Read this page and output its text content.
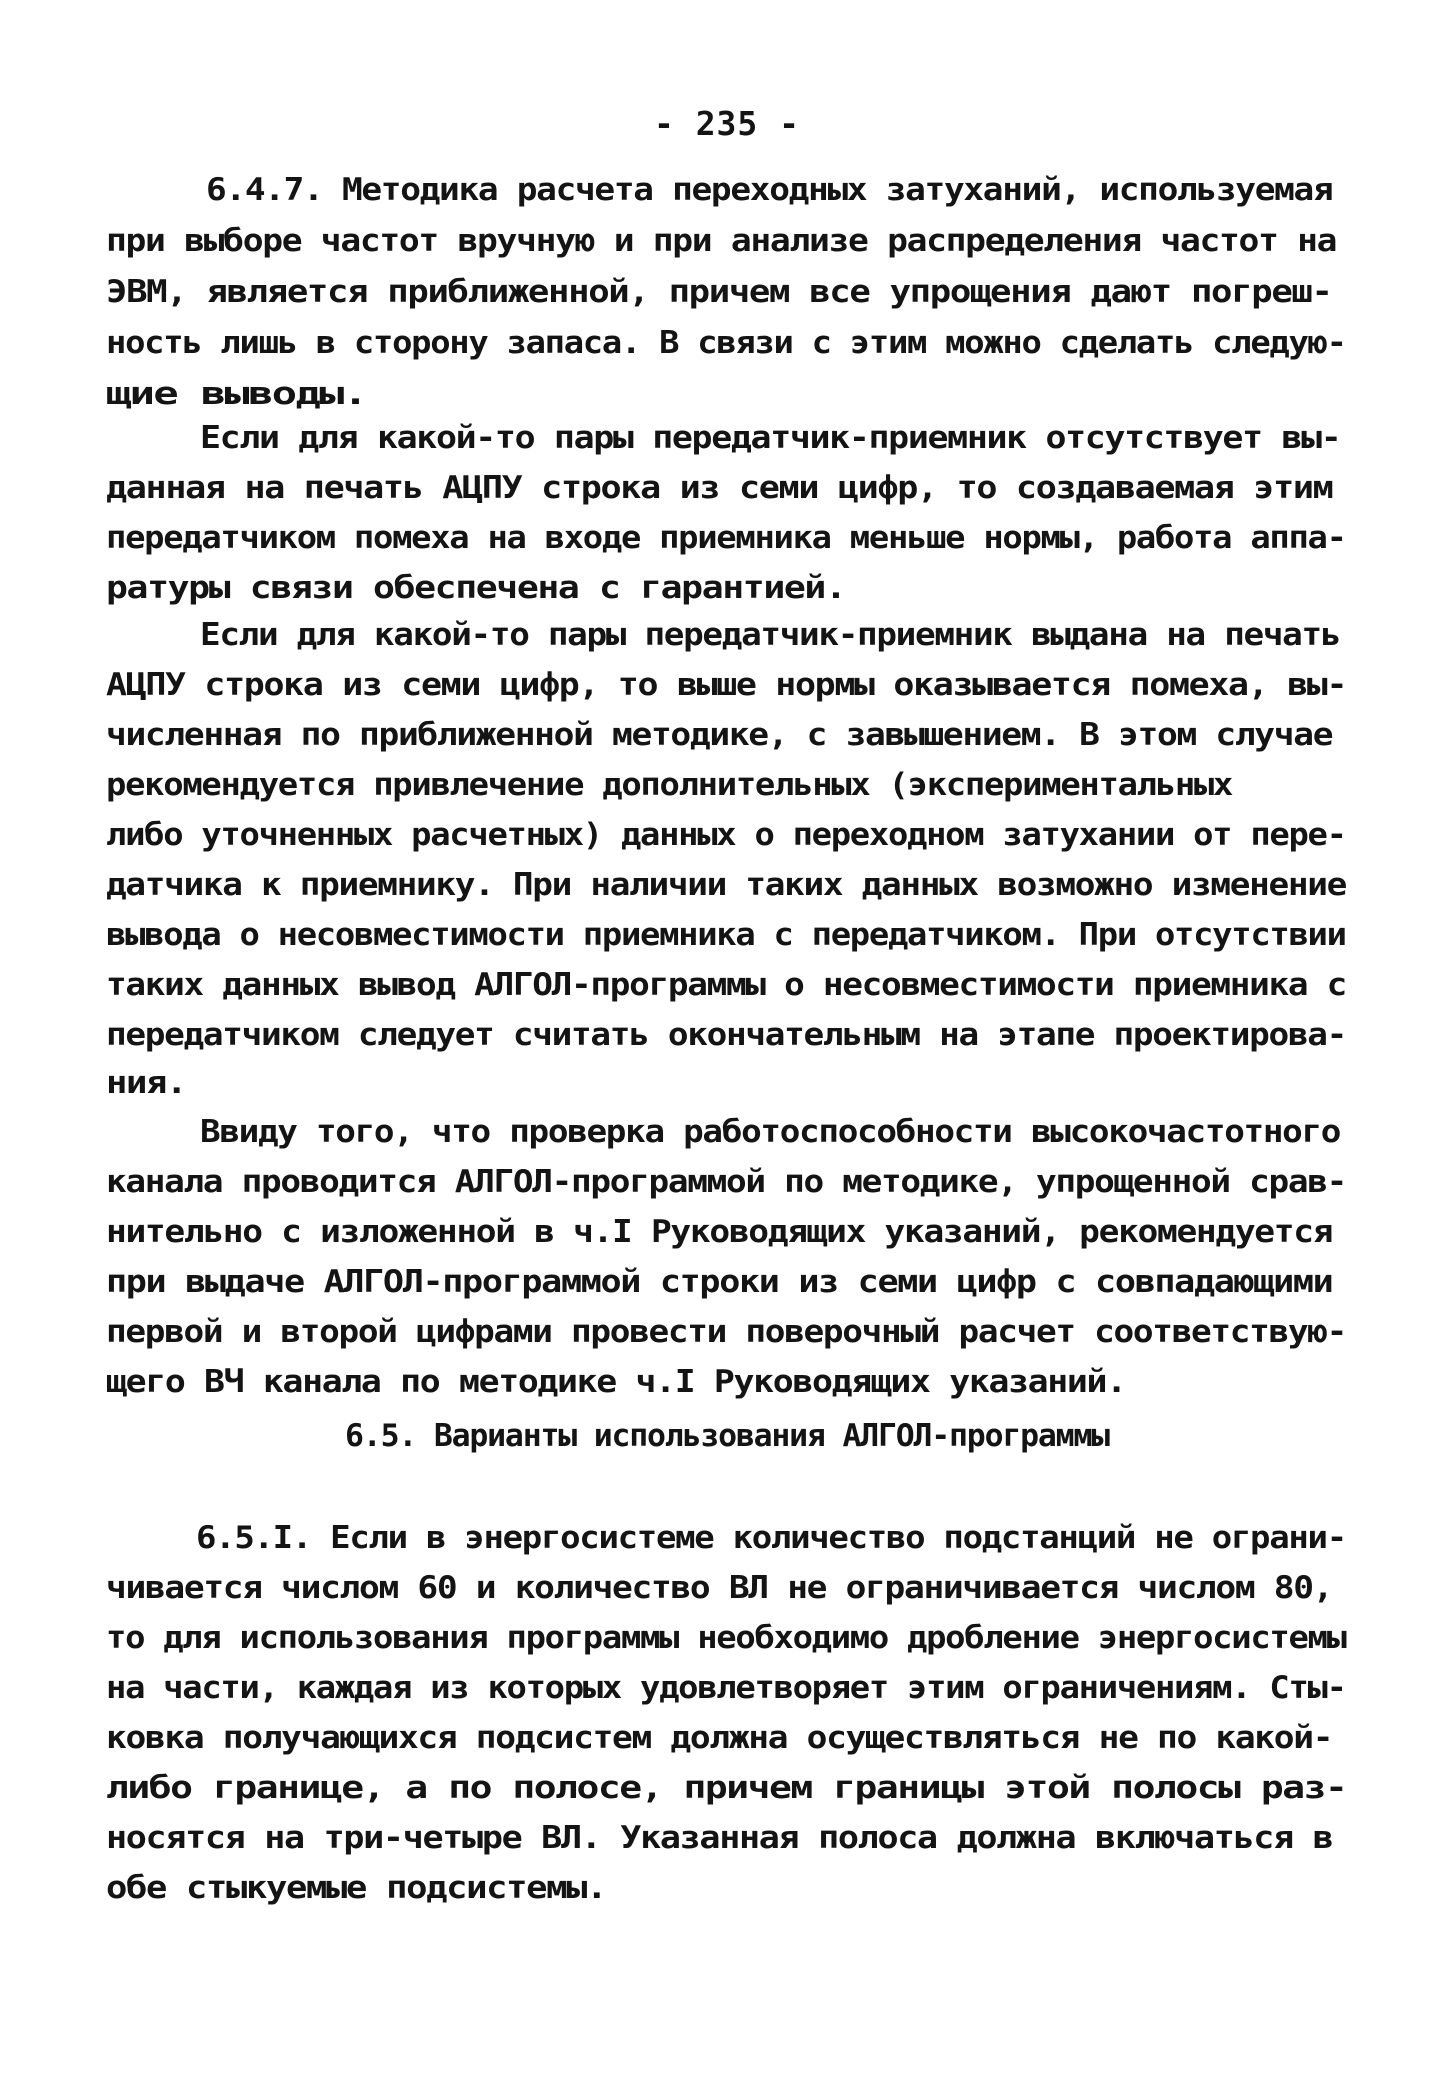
- 235 -
6.4.7. Методика расчета переходных затуханий, используемая
при выборе частот вручную и при анализе распределения частот на
ЭВМ, является приближенной, причем все упрощения дают погреш-
ность лишь в сторону запаса. В связи с этим можно сделать следую-
щие выводы.
Если для какой-то пары передатчик-приемник отсутствует вы-
данная на печать АЦПУ строка из семи цифр, то создаваемая этим
передатчиком помеха на входе приемника меньше нормы, работа аппа-
ратуры связи обеспечена с гарантией.
Если для какой-то пары передатчик-приемник выдана на печать
АЦПУ строка из семи цифр, то выше нормы оказывается помеха, вы-
численная по приближенной методике, с завышением. В этом случае
рекомендуется привлечение дополнительных (экспериментальных
либо уточненных расчетных) данных о переходном затухании от пере-
датчика к приемнику. При наличии таких данных возможно изменение
вывода о несовместимости приемника с передатчиком. При отсутствии
таких данных вывод АЛГОЛ-программы о несовместимости приемника с
передатчиком следует считать окончательным на этапе проектирова-
ния.
Ввиду того, что проверка работоспособности высокочастотного
канала проводится АЛГОЛ-программой по методике, упрощенной срав-
нительно с изложенной в ч.I Руководящих указаний, рекомендуется
при выдаче АЛГОЛ-программой строки из семи цифр с совпадающими
первой и второй цифрами провести поверочный расчет соответствую-
щего ВЧ канала по методике ч.I Руководящих указаний.
6.5. Варианты использования АЛГОЛ-программы
6.5.I. Если в энергосистеме количество подстанций не ограни-
чивается числом 60 и количество ВЛ не ограничивается числом 80,
то для использования программы необходимо дробление энергосистемы
на части, каждая из которых удовлетворяет этим ограничениям. Сты-
ковка получающихся подсистем должна осуществляться не по какой-
либо границе, а по полосе, причем границы этой полосы раз-
носятся на три-четыре ВЛ. Указанная полоса должна включаться в
обе стыкуемые подсистемы.
